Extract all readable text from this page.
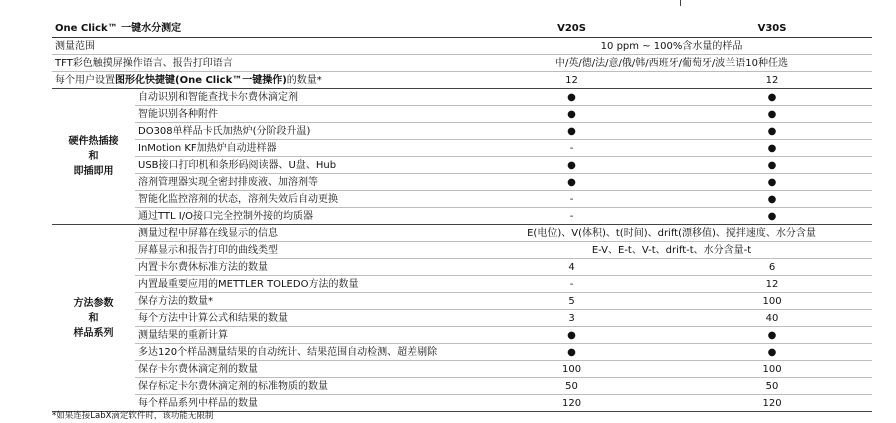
One Click™ 一键水分测定		V20S	V30S
测量范围		10 ppm ~ 100%含水量的样品	
TFT彩色触摸屏操作语言、报告打印语言		中/英/德/法/意/俄/韩/西班牙/葡萄牙/波兰语10种任选	
每个用户设置图形化快捷键(One Click™一键操作)的数量*		12	12
硬件热插接
和
即插即用	自动识别和智能查找卡尔费休滴定剂	●	●
	智能识别各种附件	●	●
	DO308单样品卡氏加热炉(分阶段升温)	●	●
	InMotion KF加热炉自动进样器	-	●
	USB接口打印机和条形码阅读器、U盘、Hub	●	●
	溶剂管理器实现全密封排废液、加溶剂等	●	●
	智能化监控溶剂的状态，溶剂失效后自动更换	-	●
	通过TTL I/O接口完全控制外接的均质器	-	●
方法参数
和
样品系列	测量过程中屏幕在线显示的信息	E(电位)、V(体积)、t(时间)、drift(漂移值)、搅拌速度、水分含量	
	屏幕显示和报告打印的曲线类型	E-V、E-t、V-t、drift-t、水分含量-t	
	内置卡尔费休标准方法的数量	4	6
	内置最重要应用的METTLER TOLEDO方法的数量	-	12
	保存方法的数量*	5	100
	每个方法中计算公式和结果的数量	3	40
	测量结果的重新计算	●	●
	多达120个样品测量结果的自动统计、结果范围自动检测、超差剔除	●	●
	保存卡尔费休滴定剂的数量	100	100
	保存标定卡尔费休滴定剂的标准物质的数量	50	50
	每个样品系列中样品的数量	120	120
*如果连接LabX滴定软件时，该功能无限制
